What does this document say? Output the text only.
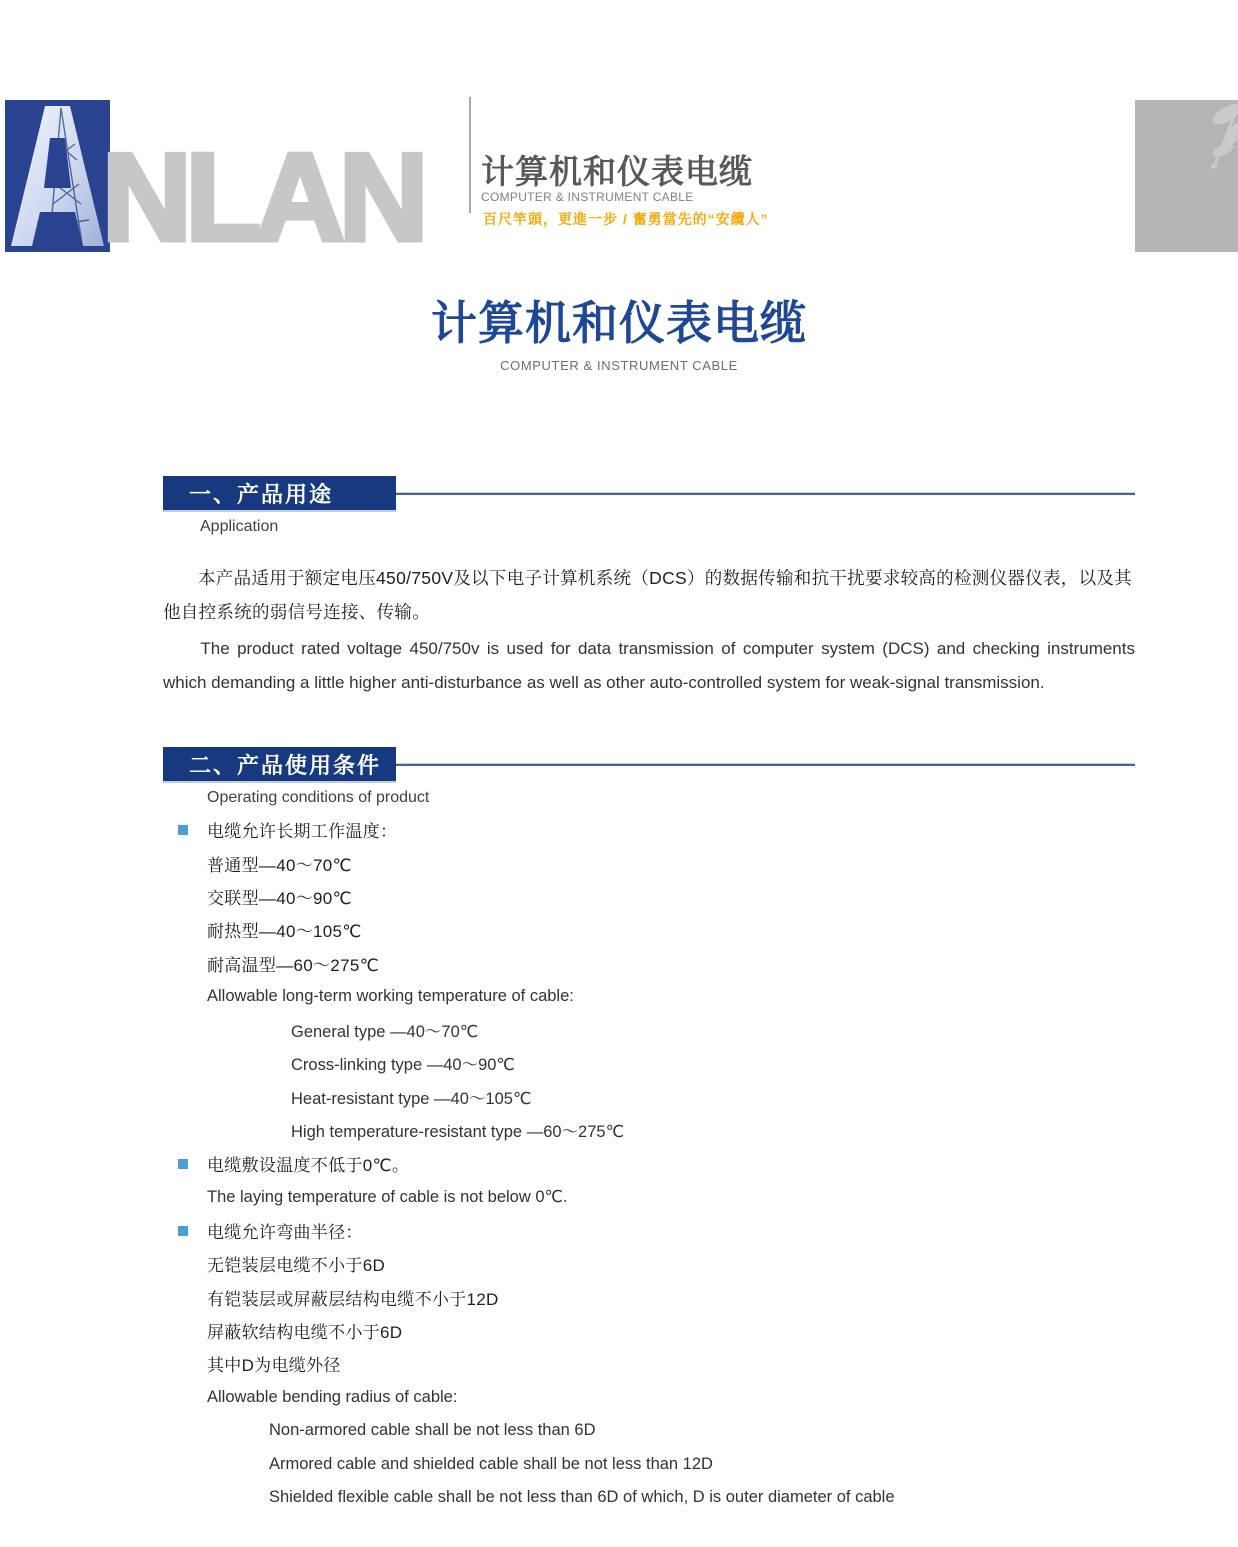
NLAN 计算机和仪表电缆
COMPUTER & INSTRUMENT CABLE
百尺竿頭，更進一步 / 奮勇當先的“安纜人”
计算机和仪表电缆
COMPUTER & INSTRUMENT CABLE
一、产品用途
Application

本产品适用于额定电压450/750V及以下电子计算机系统（DCS）的数据传输和抗干扰要求较高的检测仪器仪表，以及其他自控系统的弱信号连接、传输。

The product rated voltage 450/750v is used for data transmission of computer system (DCS) and checking instruments which demanding a little higher anti-disturbance as well as other auto-controlled system for weak-signal transmission.

二、产品使用条件
Operating conditions of product
电缆允许长期工作温度：
普通型—40～70℃
交联型—40～90℃
耐热型—40～105℃
耐高温型—60～275℃
Allowable long-term working temperature of cable:
General type —40～70℃
Cross-linking type —40～90℃
Heat-resistant type —40～105℃
High temperature-resistant type —60～275℃
电缆敷设温度不低于0℃。
The laying temperature of cable is not below 0℃.
电缆允许弯曲半径：
无铠装层电缆不小于6D
有铠装层或屏蔽层结构电缆不小于12D
屏蔽软结构电缆不小于6D
其中D为电缆外径
Allowable bending radius of cable:
Non-armored cable shall be not less than 6D
Armored cable and shielded cable shall be not less than 12D
Shielded flexible cable shall be not less than 6D of which, D is outer diameter of cable
